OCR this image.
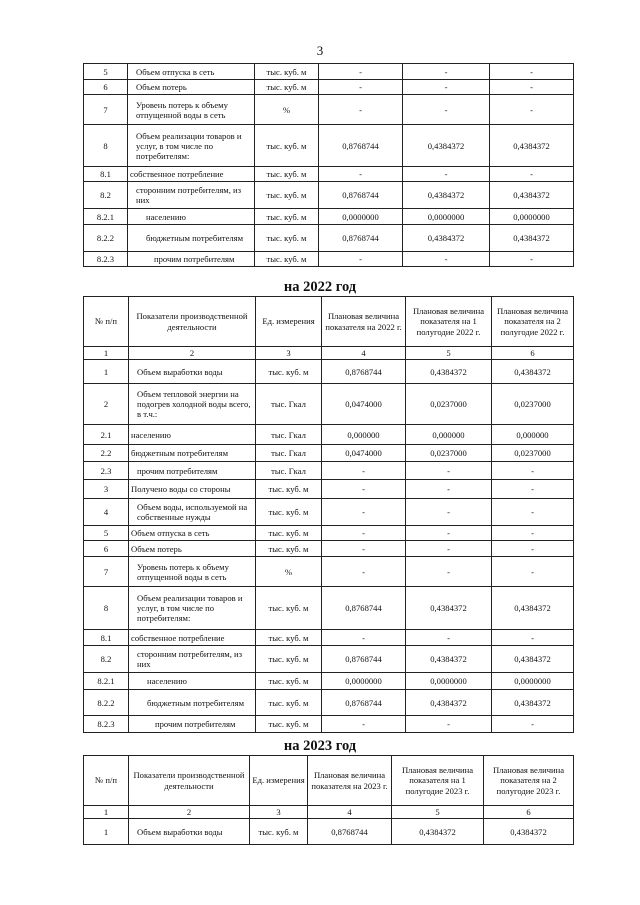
3
5	Объем отпуска в сеть	тыс. куб. м	-	-	-
6	Объем потерь	тыс. куб. м	-	-	-
7	Уровень потерь к объему отпущенной воды в сеть	%	-	-	-
8	Объем реализации товаров и услуг, в том числе по потребителям:	тыс. куб. м	0,8768744	0,4384372	0,4384372
8.1	собственное потребление	тыс. куб. м	-	-	-
8.2	сторонним потребителям, из них	тыс. куб. м	0,8768744	0,4384372	0,4384372
8.2.1	населению	тыс. куб. м	0,0000000	0,0000000	0,0000000
8.2.2	бюджетным потребителям	тыс. куб. м	0,8768744	0,4384372	0,4384372
8.2.3	прочим потребителям	тыс. куб. м	-	-	-
на 2022 год
№ п/п	Показатели производственной деятельности	Ед. измерения	Плановая величина показателя на 2022 г.	Плановая величина показателя на 1 полугодие 2022 г.	Плановая величина показателя на 2 полугодие 2022 г.
1	2	3	4	5	6
1	Объем выработки воды	тыс. куб. м	0,8768744	0,4384372	0,4384372
2	Объем тепловой энергии на подогрев холодной воды всего, в т.ч.:	тыс. Гкал	0,0474000	0,0237000	0,0237000
2.1	населению	тыс. Гкал	0,000000	0,000000	0,000000
2.2	бюджетным потребителям	тыс. Гкал	0,0474000	0,0237000	0,0237000
2.3	прочим потребителям	тыс. Гкал	-	-	-
3	Получено воды со стороны	тыс. куб. м	-	-	-
4	Объем воды, используемой на собственные нужды	тыс. куб. м	-	-	-
5	Объем отпуска в сеть	тыс. куб. м	-	-	-
6	Объем потерь	тыс. куб. м	-	-	-
7	Уровень потерь к объему отпущенной воды в сеть	%	-	-	-
8	Объем реализации товаров и услуг, в том числе по потребителям:	тыс. куб. м	0,8768744	0,4384372	0,4384372
8.1	собственное потребление	тыс. куб. м	-	-	-
8.2	сторонним потребителям, из них	тыс. куб. м	0,8768744	0,4384372	0,4384372
8.2.1	населению	тыс. куб. м	0,0000000	0,0000000	0,0000000
8.2.2	бюджетным потребителям	тыс. куб. м	0,8768744	0,4384372	0,4384372
8.2.3	прочим потребителям	тыс. куб. м	-	-	-
на 2023 год
№ п/п	Показатели производственной деятельности	Ед. измерения	Плановая величина показателя на 2023 г.	Плановая величина показателя на 1 полугодие 2023 г.	Плановая величина показателя на 2 полугодие 2023 г.
1	2	3	4	5	6
1	Объем выработки воды	тыс. куб. м	0,8768744	0,4384372	0,4384372
